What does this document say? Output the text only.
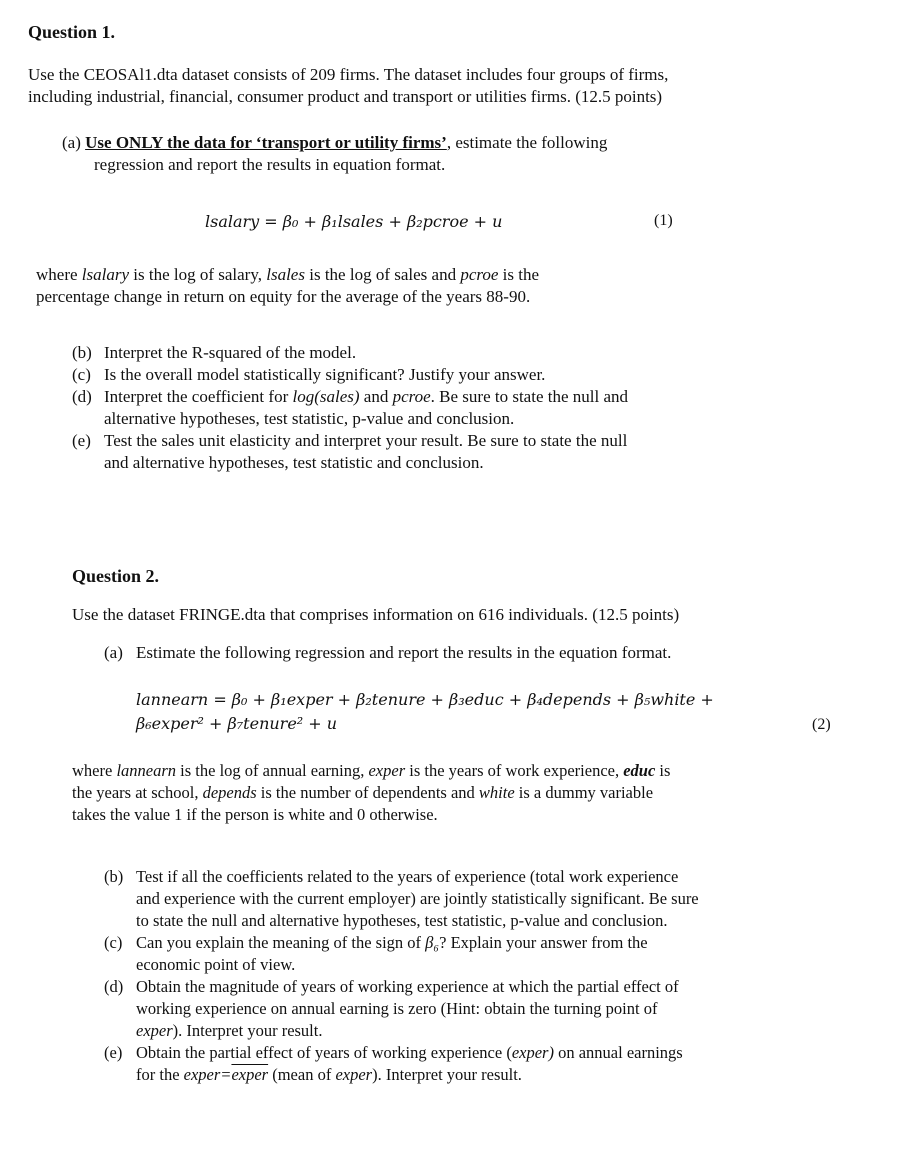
Question 1.
Use the CEOSAl1.dta dataset consists of 209 firms. The dataset includes four groups of firms,
including industrial, financial, consumer product and transport or utilities firms. (12.5 points)
(a) Use ONLY the data for ‘transport or utility firms’, estimate the following
regression and report the results in equation format.
lsalary = β₀ + β₁lsales + β₂pcroe + u	(1)
where lsalary is the log of salary, lsales is the log of sales and pcroe is the
percentage change in return on equity for the average of the years 88-90.
(b) Interpret the R-squared of the model.
(c) Is the overall model statistically significant? Justify your answer.
(d) Interpret the coefficient for log(sales) and pcroe. Be sure to state the null and
alternative hypotheses, test statistic, p-value and conclusion.
(e) Test the sales unit elasticity and interpret your result. Be sure to state the null
and alternative hypotheses, test statistic and conclusion.
Question 2.
Use the dataset FRINGE.dta that comprises information on 616 individuals. (12.5 points)
(a) Estimate the following regression and report the results in the equation format.
lannearn = β₀ + β₁exper + β₂tenure + β₃educ + β₄depends + β₅white +
β₆exper² + β₇tenure² + u	(2)
where lannearn is the log of annual earning, exper is the years of work experience, educ is
the years at school, depends is the number of dependents and white is a dummy variable
takes the value 1 if the person is white and 0 otherwise.
(b) Test if all the coefficients related to the years of experience (total work experience
and experience with the current employer) are jointly statistically significant. Be sure
to state the null and alternative hypotheses, test statistic, p-value and conclusion.
(c) Can you explain the meaning of the sign of β₆? Explain your answer from the
economic point of view.
(d) Obtain the magnitude of years of working experience at which the partial effect of
working experience on annual earning is zero (Hint: obtain the turning point of
exper). Interpret your result.
(e) Obtain the partial effect of years of working experience (exper) on annual earnings
for the exper=exper (mean of exper). Interpret your result.
